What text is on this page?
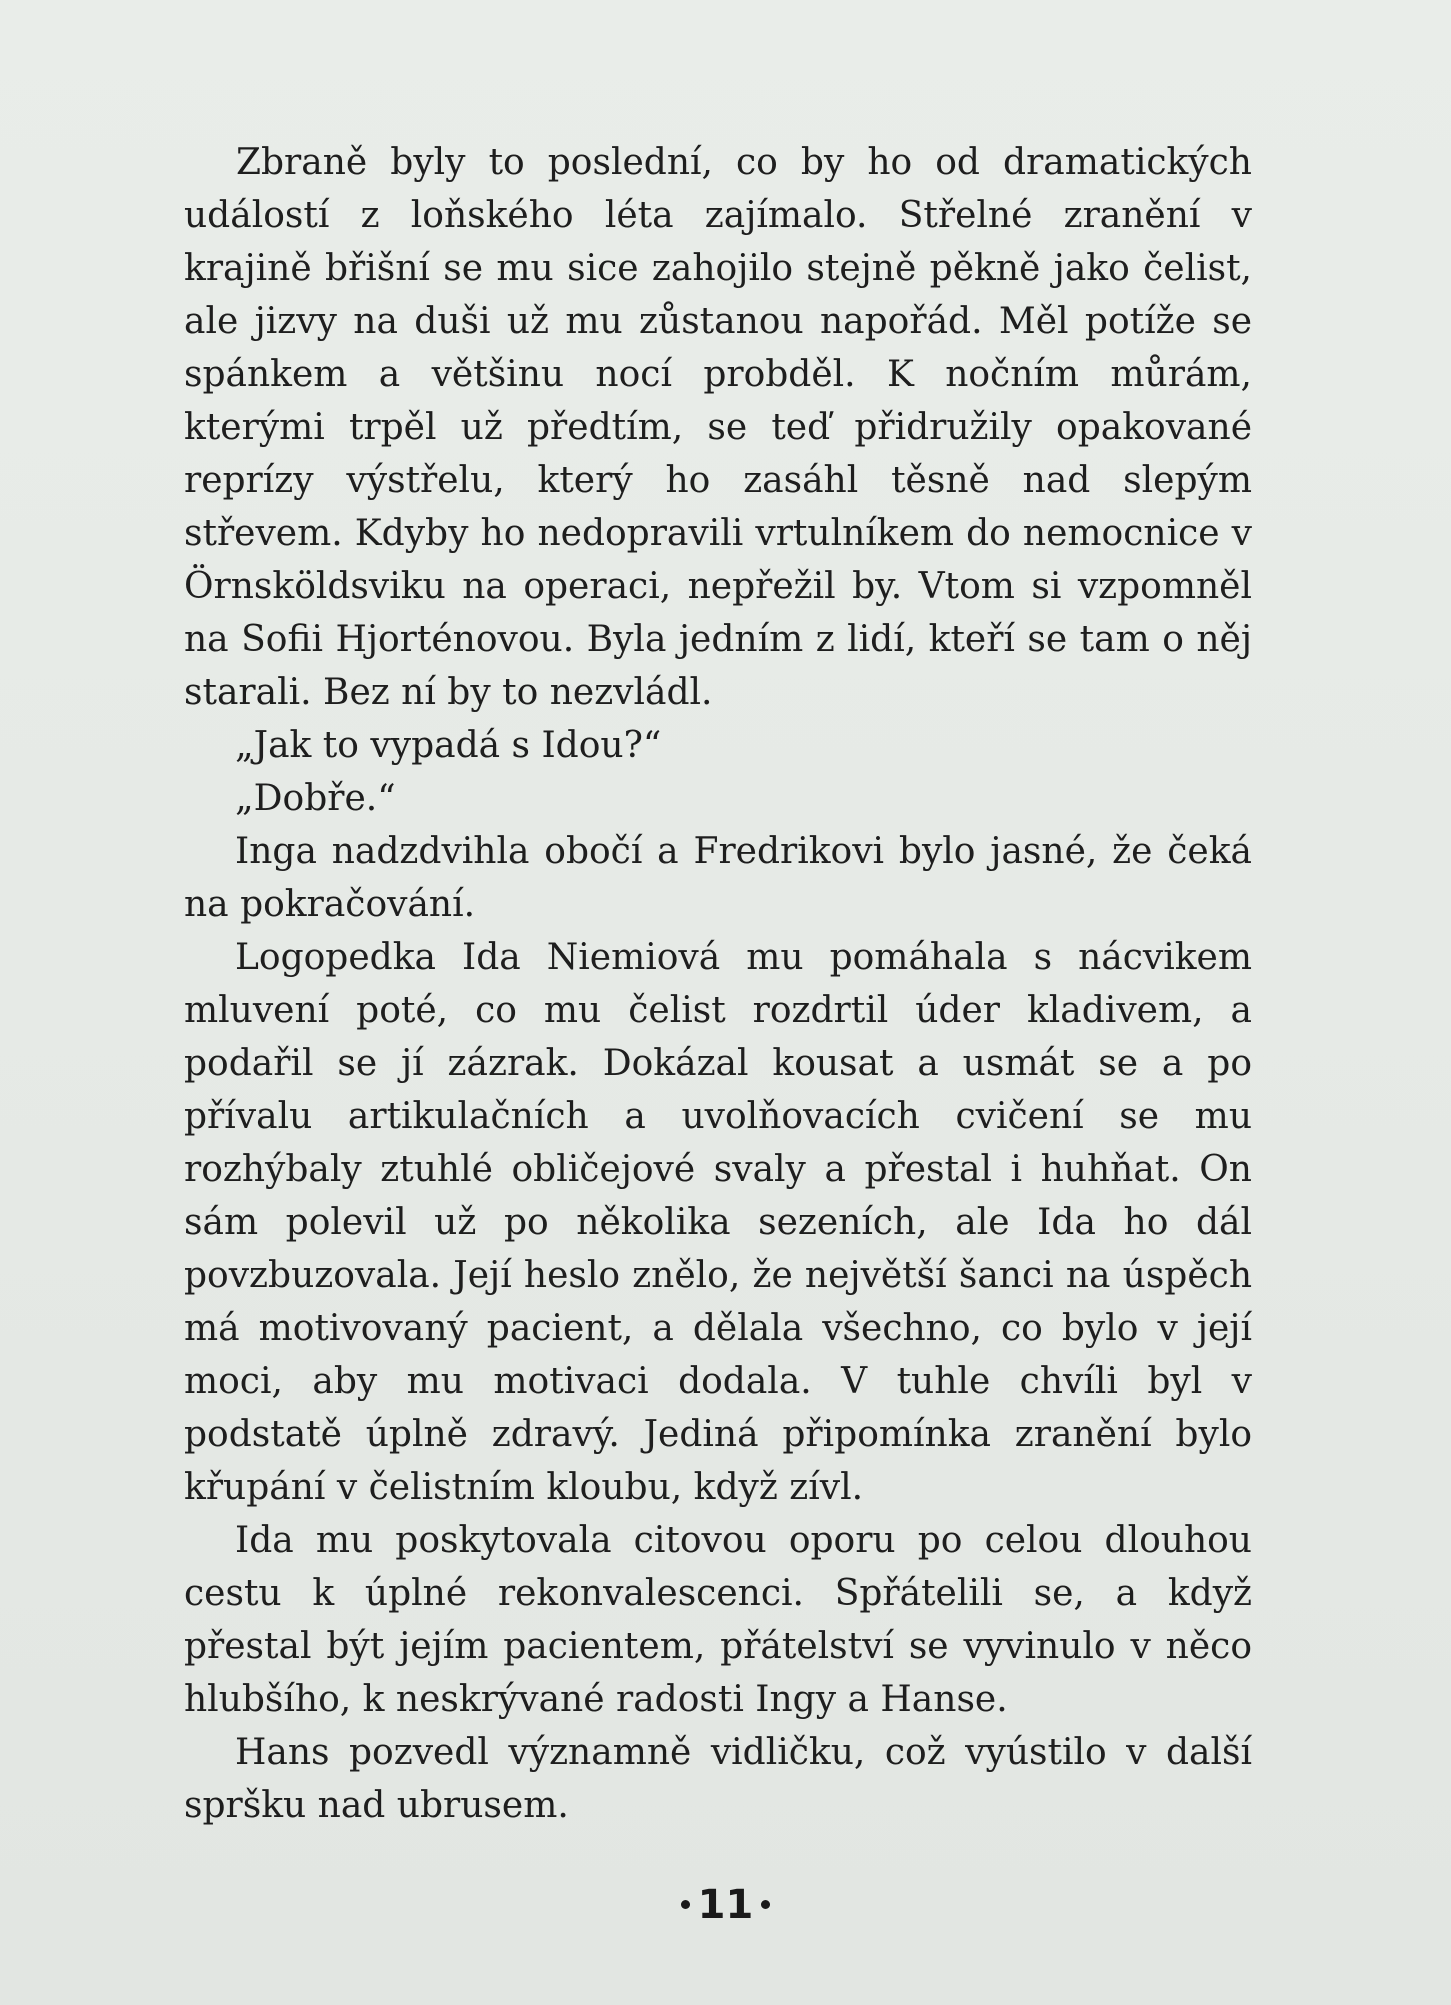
Zbraně byly to poslední, co by ho od dramatických událostí z loňského léta zajímalo. Střelné zranění v krajině břišní se mu sice zahojilo stejně pěkně jako čelist, ale jizvy na duši už mu zůstanou napořád. Měl potíže se spánkem a většinu nocí probděl. K nočním můrám, kterými trpěl už předtím, se teď přidružily opakované reprízy výstřelu, který ho zasáhl těsně nad slepým střevem. Kdyby ho nedopravili vrtulníkem do nemocnice v Örnsköldsviku na operaci, nepřežil by. Vtom si vzpomněl na Sofii Hjorténovou. Byla jedním z lidí, kteří se tam o něj starali. Bez ní by to nezvládl.

„Jak to vypadá s Idou?“

„Dobře.“

Inga nadzdvihla obočí a Fredrikovi bylo jasné, že čeká na pokračování.

Logopedka Ida Niemiová mu pomáhala s nácvikem mluvení poté, co mu čelist rozdrtil úder kladivem, a podařil se jí zázrak. Dokázal kousat a usmát se a po přívalu artikulačních a uvolňovacích cvičení se mu rozhýbaly ztuhlé obličejové svaly a přestal i huhňat. On sám polevil už po několika sezeních, ale Ida ho dál povzbuzovala. Její heslo znělo, že největší šanci na úspěch má motivovaný pacient, a dělala všechno, co bylo v její moci, aby mu motivaci dodala. V tuhle chvíli byl v podstatě úplně zdravý. Jediná připomínka zranění bylo křupání v čelistním kloubu, když zívl.

Ida mu poskytovala citovou oporu po celou dlouhou cestu k úplné rekonvalescenci. Spřátelili se, a když přestal být jejím pacientem, přátelství se vyvinulo v něco hlubšího, k neskrývané radosti Ingy a Hanse.

Hans pozvedl významně vidličku, což vyústilo v další spršku nad ubrusem.

11
